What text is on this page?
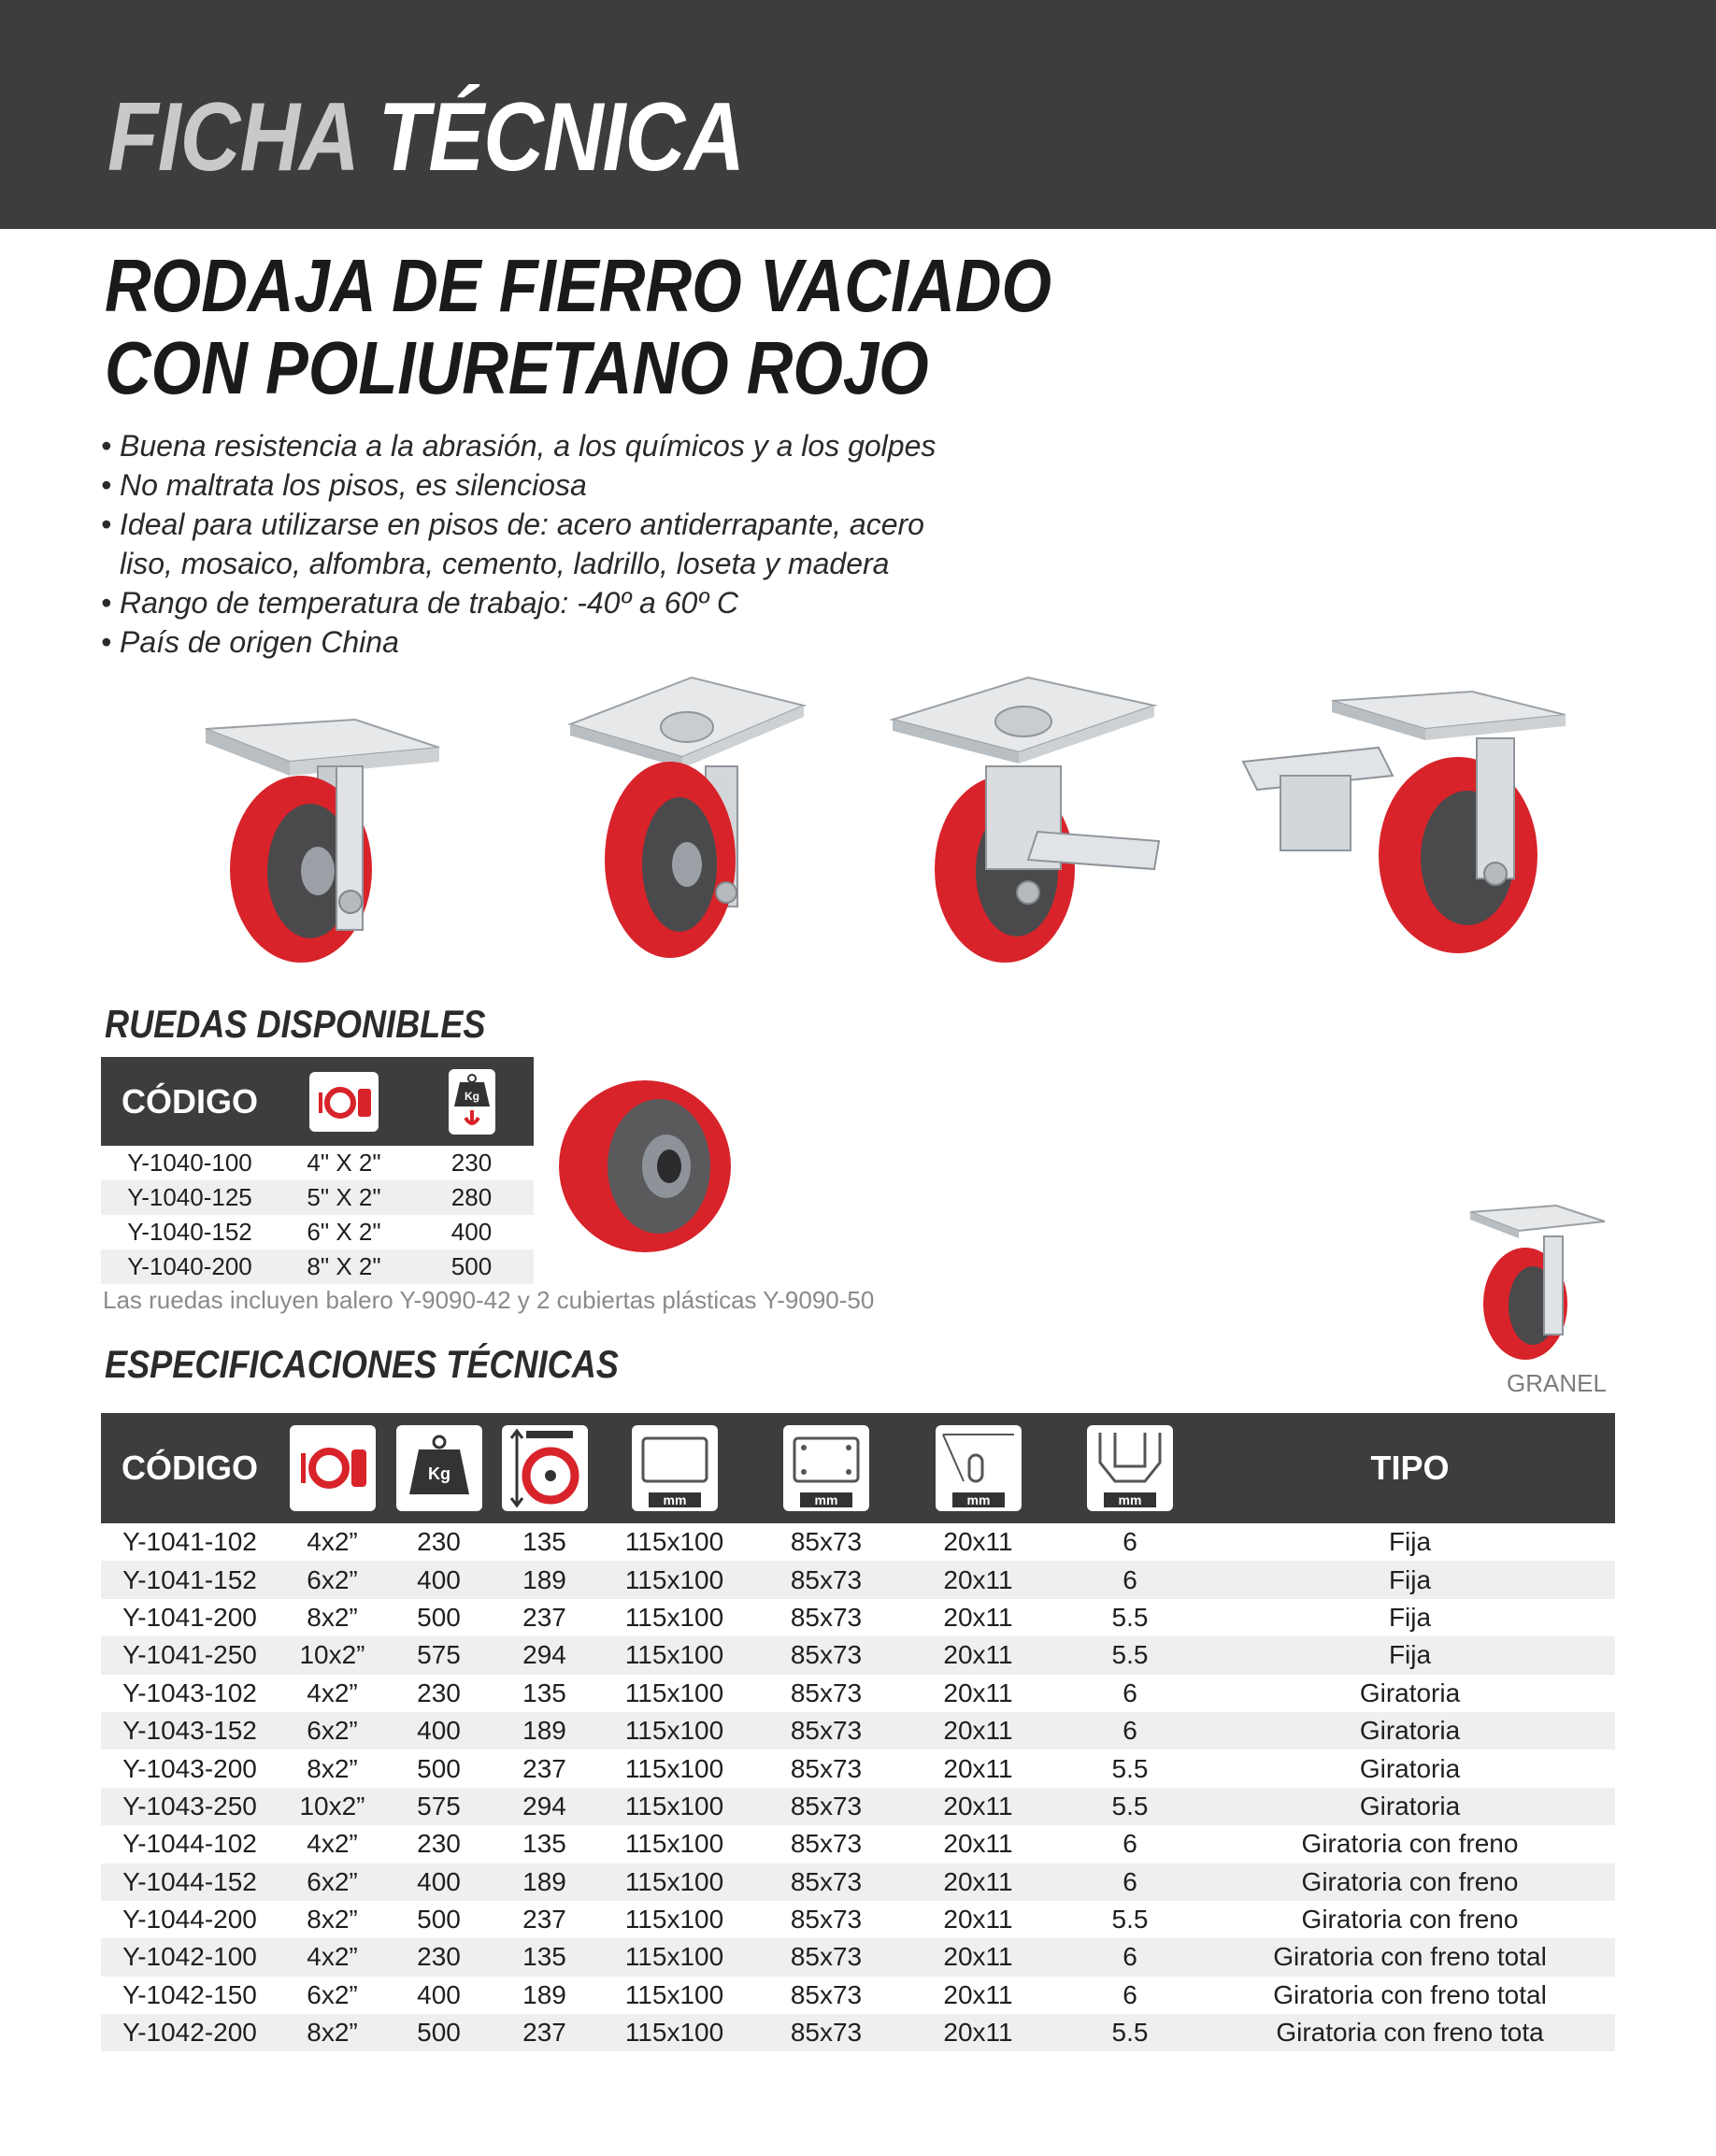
FICHA TÉCNICA
RODAJA DE FIERRO VACIADO
CON POLIURETANO ROJO
• Buena resistencia a la abrasión, a los químicos y a los golpes
• No maltrata los pisos, es silenciosa
• Ideal para utilizarse en pisos de: acero antiderrapante, acero
liso, mosaico, alfombra, cemento, ladrillo, loseta y madera
• Rango de temperatura de trabajo: -40º a 60º C
• País de origen China
RUEDAS DISPONIBLES
CÓDIGO		Kg

Y-1040-100	4" X 2"	230
Y-1040-125	5" X 2"	280
Y-1040-152	6" X 2"	400
Y-1040-200	8" X 2"	500
Las ruedas incluyen balero Y-9090-42 y 2 cubiertas plásticas Y-9090-50
GRANEL
ESPECIFICACIONES TÉCNICAS
CÓDIGO		Kg		mm	mm	mm	mm	TIPO
Y-1041-102	4x2”	230	135	115x100	85x73	20x11	6	Fija
Y-1041-152	6x2”	400	189	115x100	85x73	20x11	6	Fija
Y-1041-200	8x2”	500	237	115x100	85x73	20x11	5.5	Fija
Y-1041-250	10x2”	575	294	115x100	85x73	20x11	5.5	Fija
Y-1043-102	4x2”	230	135	115x100	85x73	20x11	6	Giratoria
Y-1043-152	6x2”	400	189	115x100	85x73	20x11	6	Giratoria
Y-1043-200	8x2”	500	237	115x100	85x73	20x11	5.5	Giratoria
Y-1043-250	10x2”	575	294	115x100	85x73	20x11	5.5	Giratoria
Y-1044-102	4x2”	230	135	115x100	85x73	20x11	6	Giratoria con freno
Y-1044-152	6x2”	400	189	115x100	85x73	20x11	6	Giratoria con freno
Y-1044-200	8x2”	500	237	115x100	85x73	20x11	5.5	Giratoria con freno
Y-1042-100	4x2”	230	135	115x100	85x73	20x11	6	Giratoria con freno total
Y-1042-150	6x2”	400	189	115x100	85x73	20x11	6	Giratoria con freno total
Y-1042-200	8x2”	500	237	115x100	85x73	20x11	5.5	Giratoria con freno tota
